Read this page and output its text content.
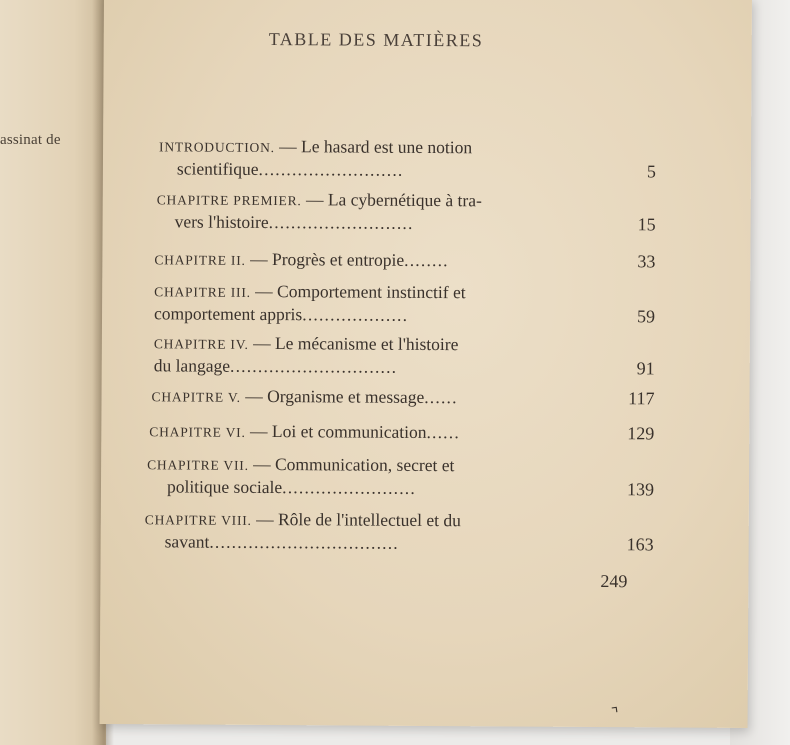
assinat de
TABLE DES MATIÈRES
INTRODUCTION. — Le hasard est une notion
scientifique..........................	5
CHAPITRE PREMIER. — La cybernétique à tra-
vers l'histoire..........................	15
CHAPITRE II. — Progrès et entropie........	33
CHAPITRE III. — Comportement instinctif et
comportement appris...................	59
CHAPITRE IV. — Le mécanisme et l'histoire
du langage..............................	91
CHAPITRE V. — Organisme et message......	117
CHAPITRE VI. — Loi et communication......	129
CHAPITRE VII. — Communication, secret et
politique sociale........................	139
CHAPITRE VIII. — Rôle de l'intellectuel et du
savant..................................	163
249
⌝
